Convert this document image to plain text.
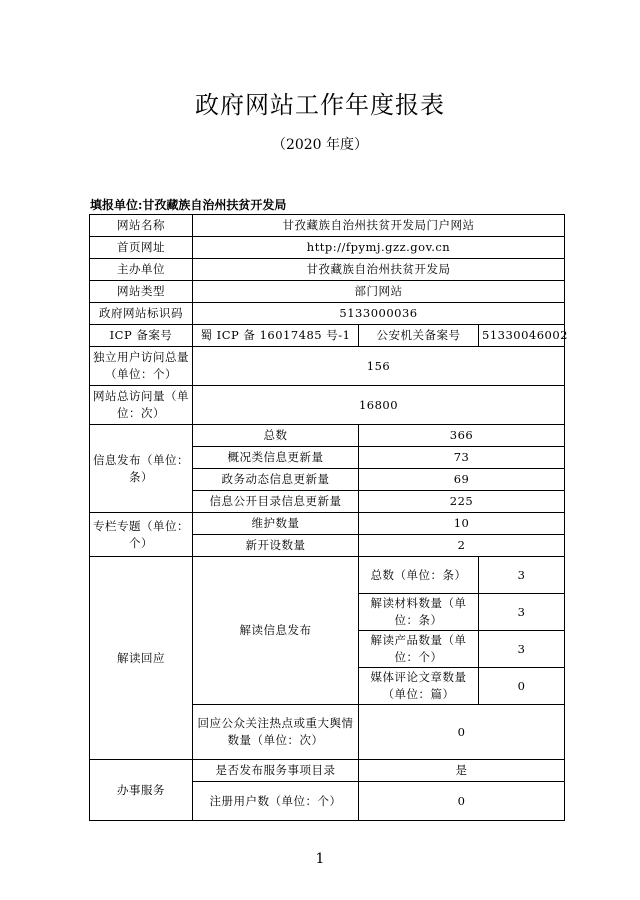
政府网站工作年度报表
（2020 年度）
填报单位:甘孜藏族自治州扶贫开发局
网站名称	甘孜藏族自治州扶贫开发局门户网站		
首页网址	http://fpymj.gzz.gov.cn		
主办单位	甘孜藏族自治州扶贫开发局		
网站类型	部门网站		
政府网站标识码	5133000036		
ICP 备案号	蜀 ICP 备 16017485 号-1	公安机关备案号	51330046002
独立用户访问总量（单位：个）	156		
网站总访问量（单位：次）	16800		
信息发布（单位：条）	总数	366	
	概况类信息更新量	73	
	政务动态信息更新量	69	
	信息公开目录信息更新量	225	
专栏专题（单位：个）	维护数量	10	
	新开设数量	2	
解读回应	解读信息发布	总数（单位：条）	3
		解读材料数量（单位：条）	3
		解读产品数量（单位：个）	3
		媒体评论文章数量（单位：篇）	0
	回应公众关注热点或重大舆情数量（单位：次）	0	
办事服务	是否发布服务事项目录	是	
	注册用户数（单位：个）	0	
1
